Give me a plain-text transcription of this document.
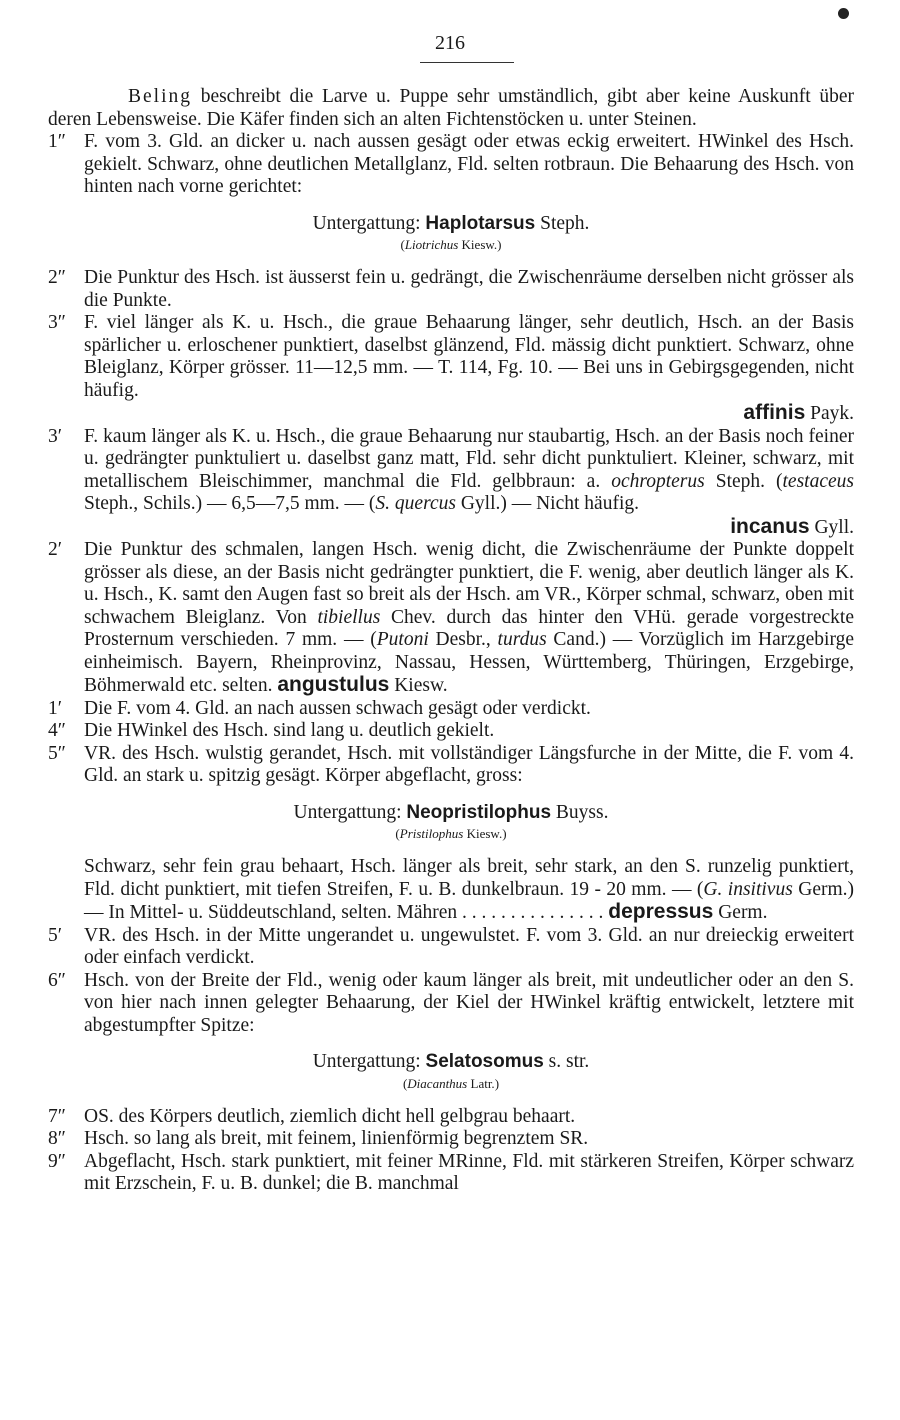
216

Beling beschreibt die Larve u. Puppe sehr umständlich, gibt aber keine Auskunft über deren Lebensweise. Die Käfer finden sich an alten Fichtenstöcken u. unter Steinen.

1″ F. vom 3. Gld. an dicker u. nach aussen gesägt oder etwas eckig erweitert. HWinkel des Hsch. gekielt. Schwarz, ohne deutlichen Metallglanz, Fld. selten rotbraun. Die Behaarung des Hsch. von hinten nach vorne gerichtet:
Untergattung: Haplotarsus Steph.
(Liotrichus Kiesw.)
2″ Die Punktur des Hsch. ist äusserst fein u. gedrängt, die Zwischenräume derselben nicht grösser als die Punkte.
3″ F. viel länger als K. u. Hsch., die graue Behaarung länger, sehr deutlich, Hsch. an der Basis spärlicher u. erloschener punktiert, daselbst glänzend, Fld. mässig dicht punktiert. Schwarz, ohne Bleiglanz, Körper grösser. 11—12,5 mm. — T. 114, Fg. 10. — Bei uns in Gebirgsgegenden, nicht häufig.

affinis Payk.

3′	F. kaum länger als K. u. Hsch., die graue Behaarung nur staubartig, Hsch. an der Basis noch feiner u. gedrängter punktuliert u. daselbst ganz matt, Fld. sehr dicht punktuliert. Kleiner, schwarz, mit metallischem Bleischimmer, manchmal die Fld. gelbbraun: a. ochropterus Steph. (testaceus Steph., Schils.) — 6,5—7,5 mm. — (S. quercus Gyll.) — Nicht häufig.

incanus Gyll.

2′	Die Punktur des schmalen, langen Hsch. wenig dicht, die Zwischenräume der Punkte doppelt grösser als diese, an der Basis nicht gedrängter punktiert, die F. wenig, aber deutlich länger als K. u. Hsch., K. samt den Augen fast so breit als der Hsch. am VR., Körper schmal, schwarz, oben mit schwachem Bleiglanz. Von tibiellus Chev. durch das hinter den VHü. gerade vorgestreckte Prosternum verschieden. 7 mm. — (Putoni Desbr., turdus Cand.) — Vorzüglich im Harzgebirge einheimisch. Bayern, Rheinprovinz, Nassau, Hessen, Württemberg, Thüringen, Erzgebirge, Böhmerwald etc. selten. angustulus Kiesw.
1′	Die F. vom 4. Gld. an nach aussen schwach gesägt oder verdickt.
4″ Die HWinkel des Hsch. sind lang u. deutlich gekielt.
5″ VR. des Hsch. wulstig gerandet, Hsch. mit vollständiger Längsfurche in der Mitte, die F. vom 4. Gld. an stark u. spitzig gesägt. Körper abgeflacht, gross:
Untergattung: Neopristilophus Buyss.
(Pristilophus Kiesw.)
Schwarz, sehr fein grau behaart, Hsch. länger als breit, sehr stark, an den S. runzelig punktiert, Fld. dicht punktiert, mit tiefen Streifen, F. u. B. dunkelbraun. 19 - 20 mm. — (G. insitivus Germ.) — In Mittel- u. Süddeutschland, selten. Mähren . . . . . . . . . . . . . . . depressus Germ.
5′	VR. des Hsch. in der Mitte ungerandet u. ungewulstet. F. vom 3. Gld. an nur dreieckig erweitert oder einfach verdickt.
6″ Hsch. von der Breite der Fld., wenig oder kaum länger als breit, mit undeutlicher oder an den S. von hier nach innen gelegter Behaarung, der Kiel der HWinkel kräftig entwickelt, letztere mit abgestumpfter Spitze:
Untergattung: Selatosomus s. str.
(Diacanthus Latr.)
7″ OS. des Körpers deutlich, ziemlich dicht hell gelbgrau behaart.
8″ Hsch. so lang als breit, mit feinem, linienförmig begrenztem SR.
9″ Abgeflacht, Hsch. stark punktiert, mit feiner MRinne, Fld. mit stärkeren Streifen, Körper schwarz mit Erzschein, F. u. B. dunkel; die B. manchmal
